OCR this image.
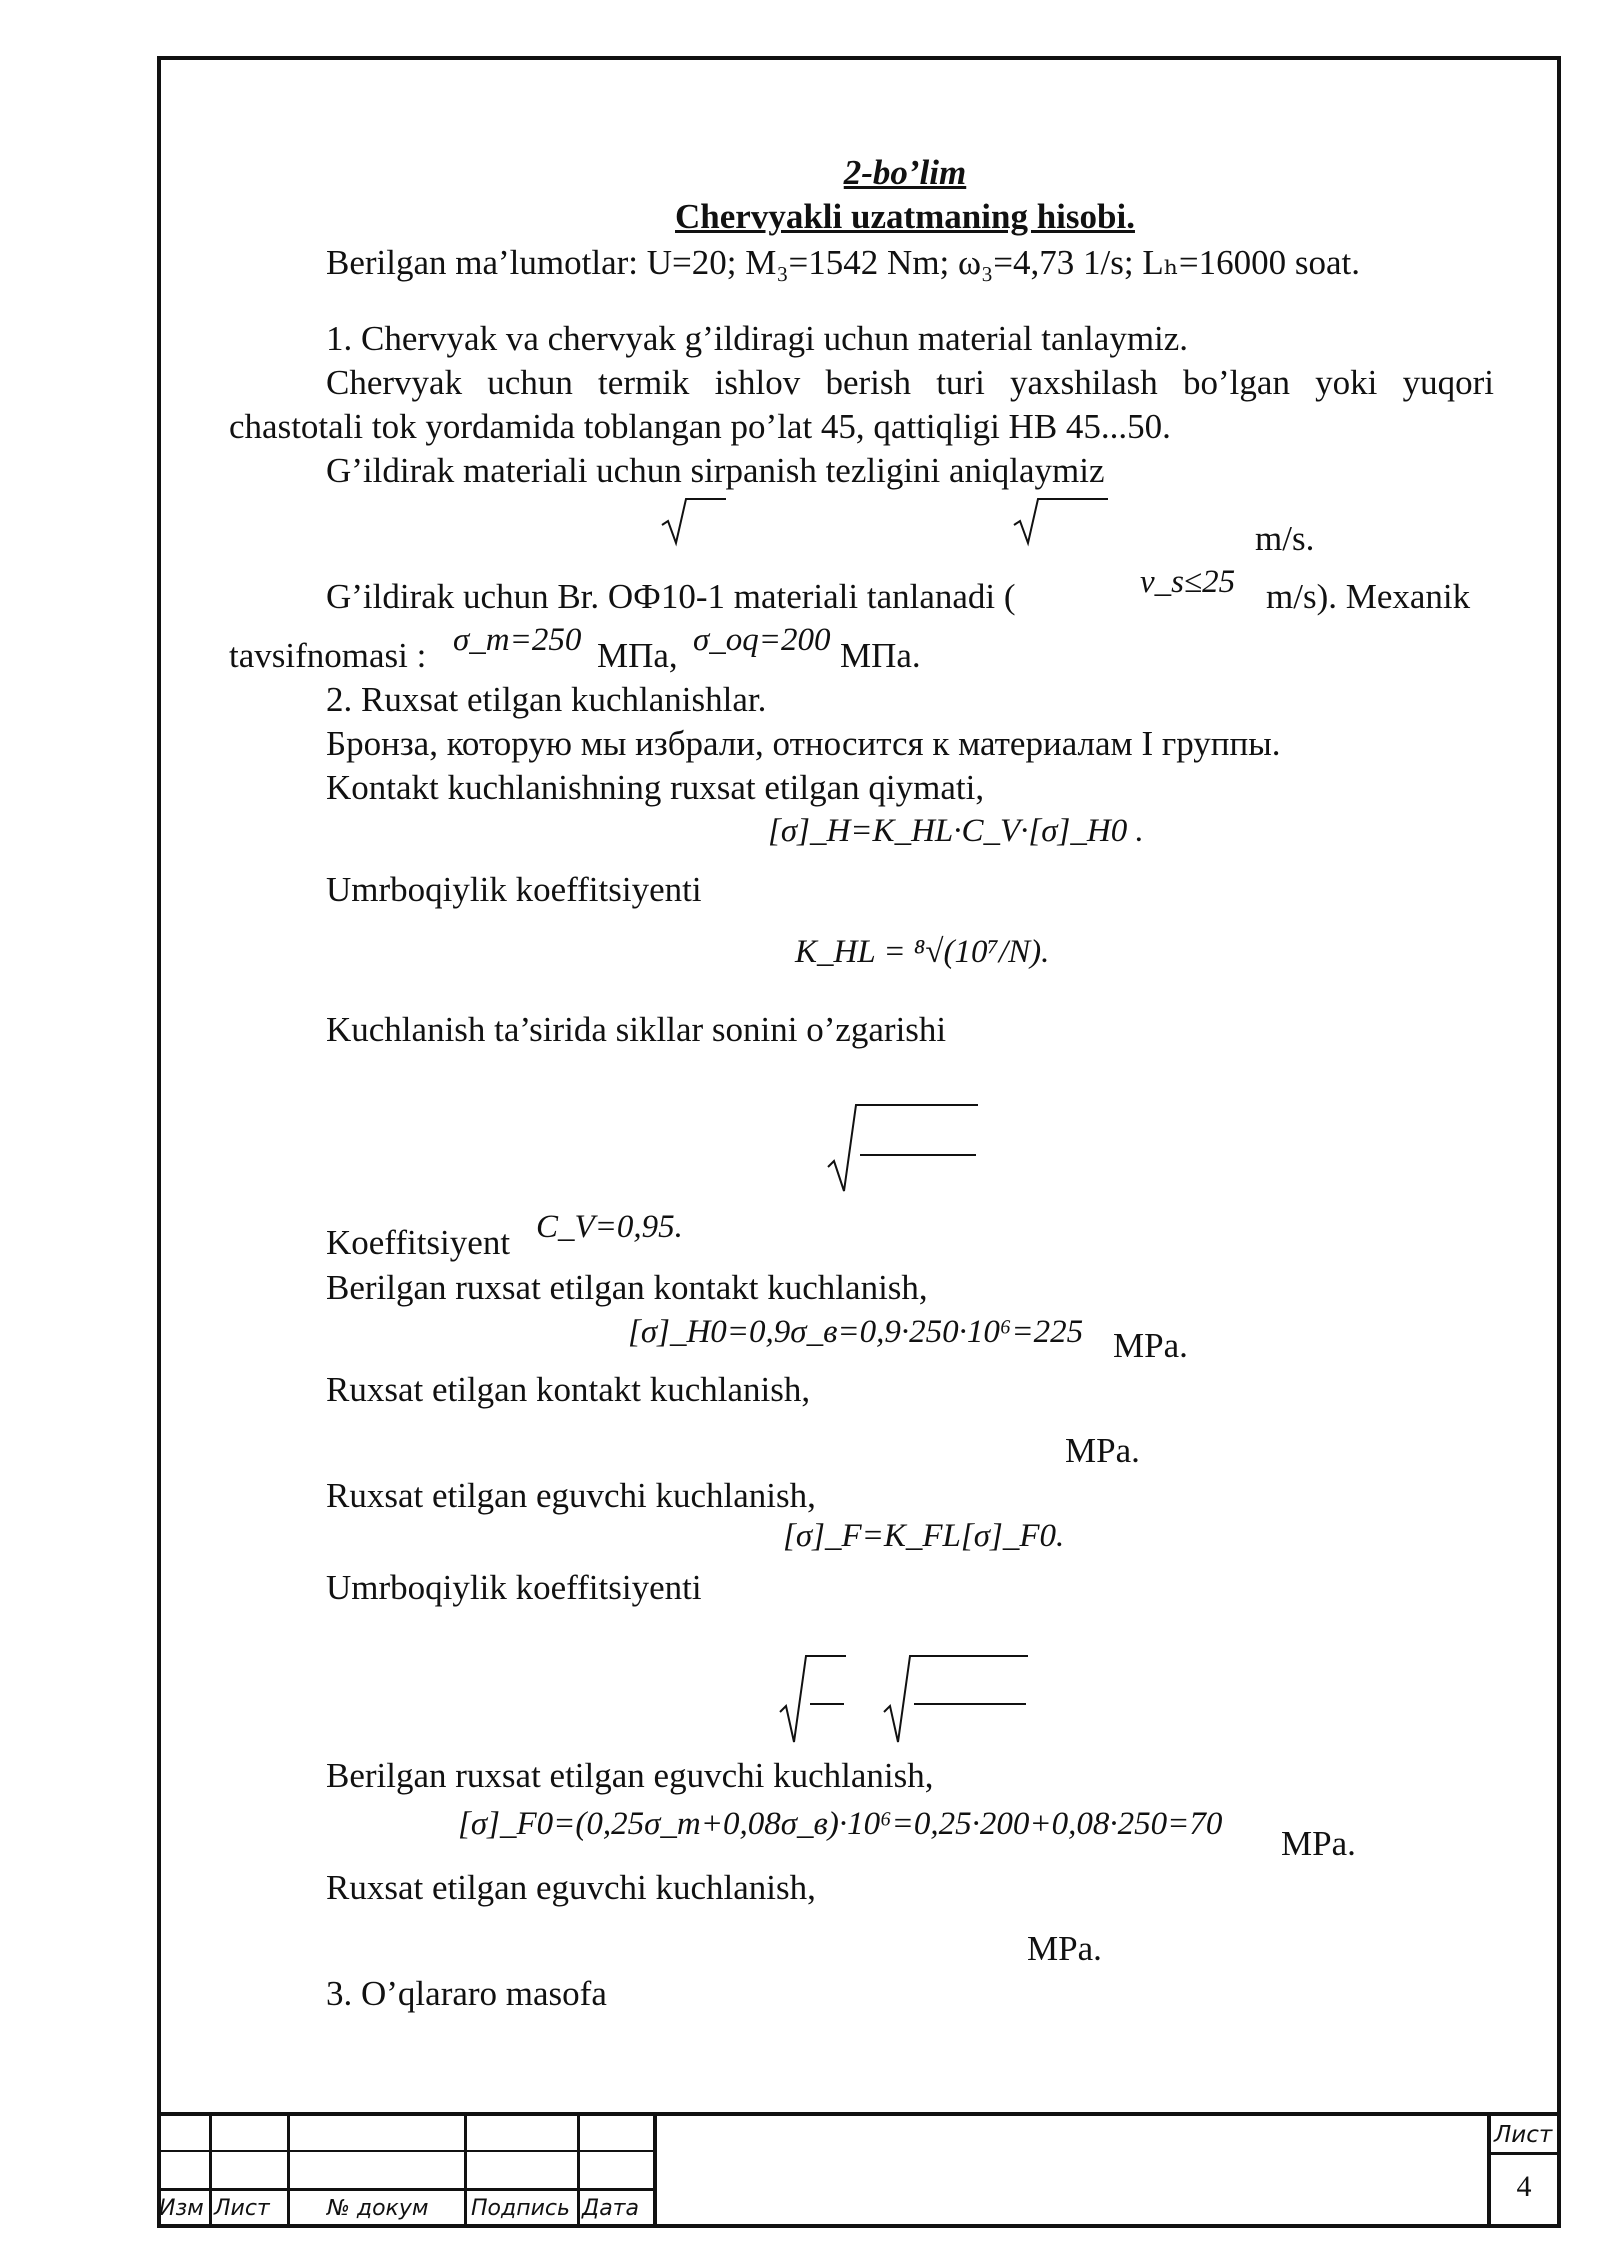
2-bo’lim
Chervyakli uzatmaning hisobi.
Berilgan ma’lumotlar: U=20; M₃=1542 Nm; ω₃=4,73 1/s; Lₕ=16000 soat.
1. Chervyak va chervyak g’ildiragi uchun material tanlaymiz.
Chervyak uchun termik ishlov berish turi yaxshilash bo’lgan yoki yuqori
chastotali tok yordamida toblangan po’lat 45, qattiqligi HB 45...50.
G’ildirak materiali uchun sirpanish tezligini aniqlaymiz
m/s.
G’ildirak uchun Br. OФ10-1 materiali tanlanadi (	v_s≤25 m/s). Mexanik
tavsifnomasi : σ_т=250 МПа, σ_oq=200 МПа.
2. Ruxsat etilgan kuchlanishlar.
Бронза, которую мы избрали, относится к материалам I группы.
Kontakt kuchlanishning ruxsat etilgan qiymati,
[σ]_H=K_HL·C_V·[σ]_H0 .
Umrboqiylik koeffitsiyenti
K_HL = ⁸√(10⁷/N).
Kuchlanish ta’sirida sikllar sonini o’zgarishi
Koeffitsiyent C_V=0,95.
Berilgan ruxsat etilgan kontakt kuchlanish,
[σ]_H0=0,9σ_в=0,9·250·10⁶=225 MPa.
Ruxsat etilgan kontakt kuchlanish,
MPa.
Ruxsat etilgan eguvchi kuchlanish,
[σ]_F=K_FL[σ]_F0.
Umrboqiylik koeffitsiyenti
Berilgan ruxsat etilgan eguvchi kuchlanish,
[σ]_F0=(0,25σ_т+0,08σ_в)·10⁶=0,25·200+0,08·250=70 MPa.
Ruxsat etilgan eguvchi kuchlanish,
MPa.
3. O’qlararo masofa
Изм Лист	№ докум Подпись Дата
Лист
4
